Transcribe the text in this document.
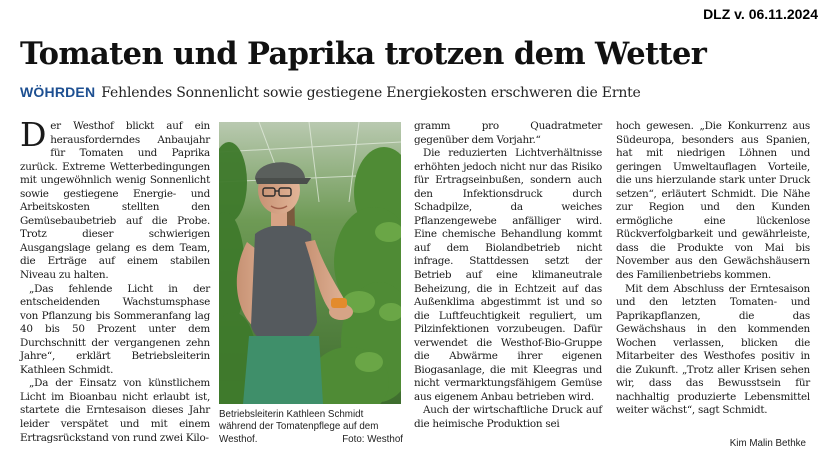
DLZ v. 06.11.2024
Tomaten und Paprika trotzen dem Wetter
WÖHRDEN Fehlendes Sonnenlicht sowie gestiegene Energiekosten erschweren die Ernte

Der Westhof blickt auf ein herausforderndes Anbaujahr für Tomaten und Paprika zurück. Extreme Wetterbedingungen mit ungewöhnlich wenig Sonnenlicht sowie gestiegene Energie- und Arbeitskosten stellten den Gemüsebaubetrieb auf die Probe. Trotz dieser schwierigen Ausgangslage gelang es dem Team, die Erträge auf einem stabilen Niveau zu halten.

„Das fehlende Licht in der entscheidenden Wachstumsphase von Pflanzung bis Sommeranfang lag 40 bis 50 Prozent unter dem Durchschnitt der vergangenen zehn Jahre“, erklärt Betriebsleiterin Kathleen Schmidt.

„Da der Einsatz von künstlichem Licht im Bioanbau nicht erlaubt ist, startete die Erntesaison dieses Jahr leider verspätet und mit einem Ertragsrückstand von rund zwei Kilo-

Betriebsleiterin Kathleen Schmidt während der Tomatenpflege auf dem Westhof.	Foto: Westhof

gramm pro Quadratmeter gegenüber dem Vorjahr.“

Die reduzierten Lichtverhältnisse erhöhten jedoch nicht nur das Risiko für Ertragseinbußen, sondern auch den Infektionsdruck durch Schadpilze, da weiches Pflanzengewebe anfälliger wird. Eine chemische Behandlung kommt auf dem Biolandbetrieb nicht infrage. Stattdessen setzt der Betrieb auf eine klimaneutrale Beheizung, die in Echtzeit auf das Außenklima abgestimmt ist und so die Luftfeuchtigkeit reguliert, um Pilzinfektionen vorzubeugen. Dafür verwendet die Westhof-Bio-Gruppe die Abwärme ihrer eigenen Biogasanlage, die mit Kleegras und nicht vermarktungsfähigem Gemüse aus eigenem Anbau betrieben wird.

Auch der wirtschaftliche Druck auf die heimische Produktion sei

hoch gewesen. „Die Konkurrenz aus Südeuropa, besonders aus Spanien, hat mit niedrigen Löhnen und geringen Umweltauflagen Vorteile, die uns hierzulande stark unter Druck setzen“, erläutert Schmidt. Die Nähe zur Region und den Kunden ermögliche eine lückenlose Rückverfolgbarkeit und gewährleiste, dass die Produkte von Mai bis November aus den Gewächshäusern des Familienbetriebs kommen.

Mit dem Abschluss der Erntesaison und den letzten Tomaten- und Paprikapflanzen, die das Gewächshaus in den kommenden Wochen verlassen, blicken die Mitarbeiter des Westhofes positiv in die Zukunft. „Trotz aller Krisen sehen wir, dass das Bewusstsein für nachhaltig produzierte Lebensmittel weiter wächst“, sagt Schmidt.

Kim Malin Bethke
